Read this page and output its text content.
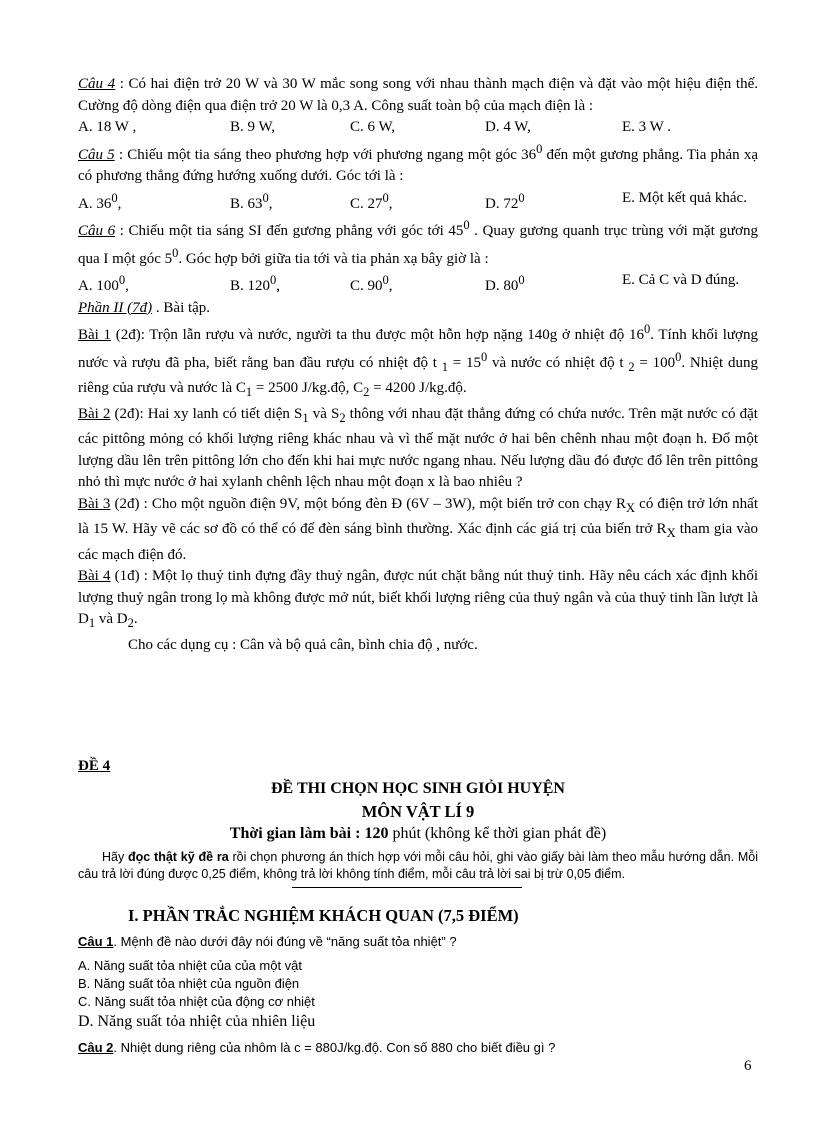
Câu 4 : Có hai điện trở 20 W và 30 W mắc song song với nhau thành mạch điện và đặt vào một hiệu điện thế. Cường độ dòng điện qua điện trở 20 W là 0,3 A. Công suất toàn bộ của mạch điện là :

A. 18 W ,	B. 9 W,	C. 6 W,	D. 4 W,	E. 3 W .

Câu 5 : Chiếu một tia sáng theo phương hợp với phương ngang một góc $36^0$ đến một gương phẳng. Tia phản xạ có phương thẳng đứng hướng xuống dưới. Góc tới là :

A. $36^0$,	B. $63^0$,	C. $27^0$,	D. $72^0$	E. Một kết quả khác.

Câu 6 : Chiếu một tia sáng SI đến gương phẳng với góc tới $45^0$ . Quay gương quanh trục trùng với mặt gương qua I một góc $5^0$. Góc hợp bởi giữa tia tới và tia phản xạ bây giờ là :

A. $100^0$,	B. $120^0$,	C. $90^0$,	D. $80^0$	E. Cả C và D đúng.

Phần II (7đ) . Bài tập.

Bài 1 (2đ): Trộn lẫn rượu và nước, người ta thu được một hỗn hợp nặng 140g ở nhiệt độ $16^0$. Tính khối lượng nước và rượu đã pha, biết rằng ban đầu rượu có nhiệt độ t $_1 = 15^0$ và nước có nhiệt độ t $_2 = 100^0$. Nhiệt dung riêng của rượu và nước là $C_1 = 2500$ J/kg.độ, $C_2 = 4200$ J/kg.độ.

Bài 2 (2đ): Hai xy lanh có tiết diện $S_1$ và $S_2$ thông với nhau đặt thẳng đứng có chứa nước. Trên mặt nước có đặt các pittông mỏng có khối lượng riêng khác nhau và vì thế mặt nước ở hai bên chênh nhau một đoạn h. Đổ một lượng dầu lên trên pittông lớn cho đến khi hai mực nước ngang nhau. Nếu lượng dầu đó được đổ lên trên pittông nhỏ thì mực nước ở hai xylanh chênh lệch nhau một đoạn x là bao nhiêu ?

Bài 3 (2đ) : Cho một nguồn điện 9V, một bóng đèn Đ (6V – 3W), một biến trở con chạy $R_X$ có điện trở lớn nhất là 15 W. Hãy vẽ các sơ đồ có thể có để đèn sáng bình thường. Xác định các giá trị của biến trở $R_X$ tham gia vào các mạch điện đó.

Bài 4 (1đ) : Một lọ thuỷ tinh đựng đầy thuỷ ngân, được nút chặt bằng nút thuỷ tinh. Hãy nêu cách xác định khối lượng thuỷ ngân trong lọ mà không được mở nút, biết khối lượng riêng của thuỷ ngân và của thuỷ tinh lần lượt là $D_1$ và $D_2$.

Cho các dụng cụ : Cân và bộ quả cân, bình chia độ , nước.

ĐỀ 4
ĐỀ THI CHỌN HỌC SINH GIỎI HUYỆN
MÔN VẬT LÍ 9
Thời gian làm bài : 120 phút (không kể thời gian phát đề)
Hãy đọc thật kỹ đề ra rồi chọn phương án thích hợp với mỗi câu hỏi, ghi vào giấy bài làm theo mẫu hướng dẫn. Mỗi câu trả lời đúng được 0,25 điểm, không trả lời không tính điểm, mỗi câu trả lời sai bị trừ 0,05 điểm.
I. PHẦN TRẮC NGHIỆM KHÁCH QUAN (7,5 ĐIỂM)
Câu 1. Mệnh đề nào dưới đây nói đúng về “năng suất tỏa nhiệt” ?
A. Năng suất tỏa nhiệt của của một vật
B. Năng suất tỏa nhiệt của nguồn điện
C. Năng suất tỏa nhiệt của động cơ nhiệt
D. Năng suất tỏa nhiệt của nhiên liệu
Câu 2. Nhiệt dung riêng của nhôm là c = 880J/kg.độ. Con số 880 cho biết điều gì ?
6
